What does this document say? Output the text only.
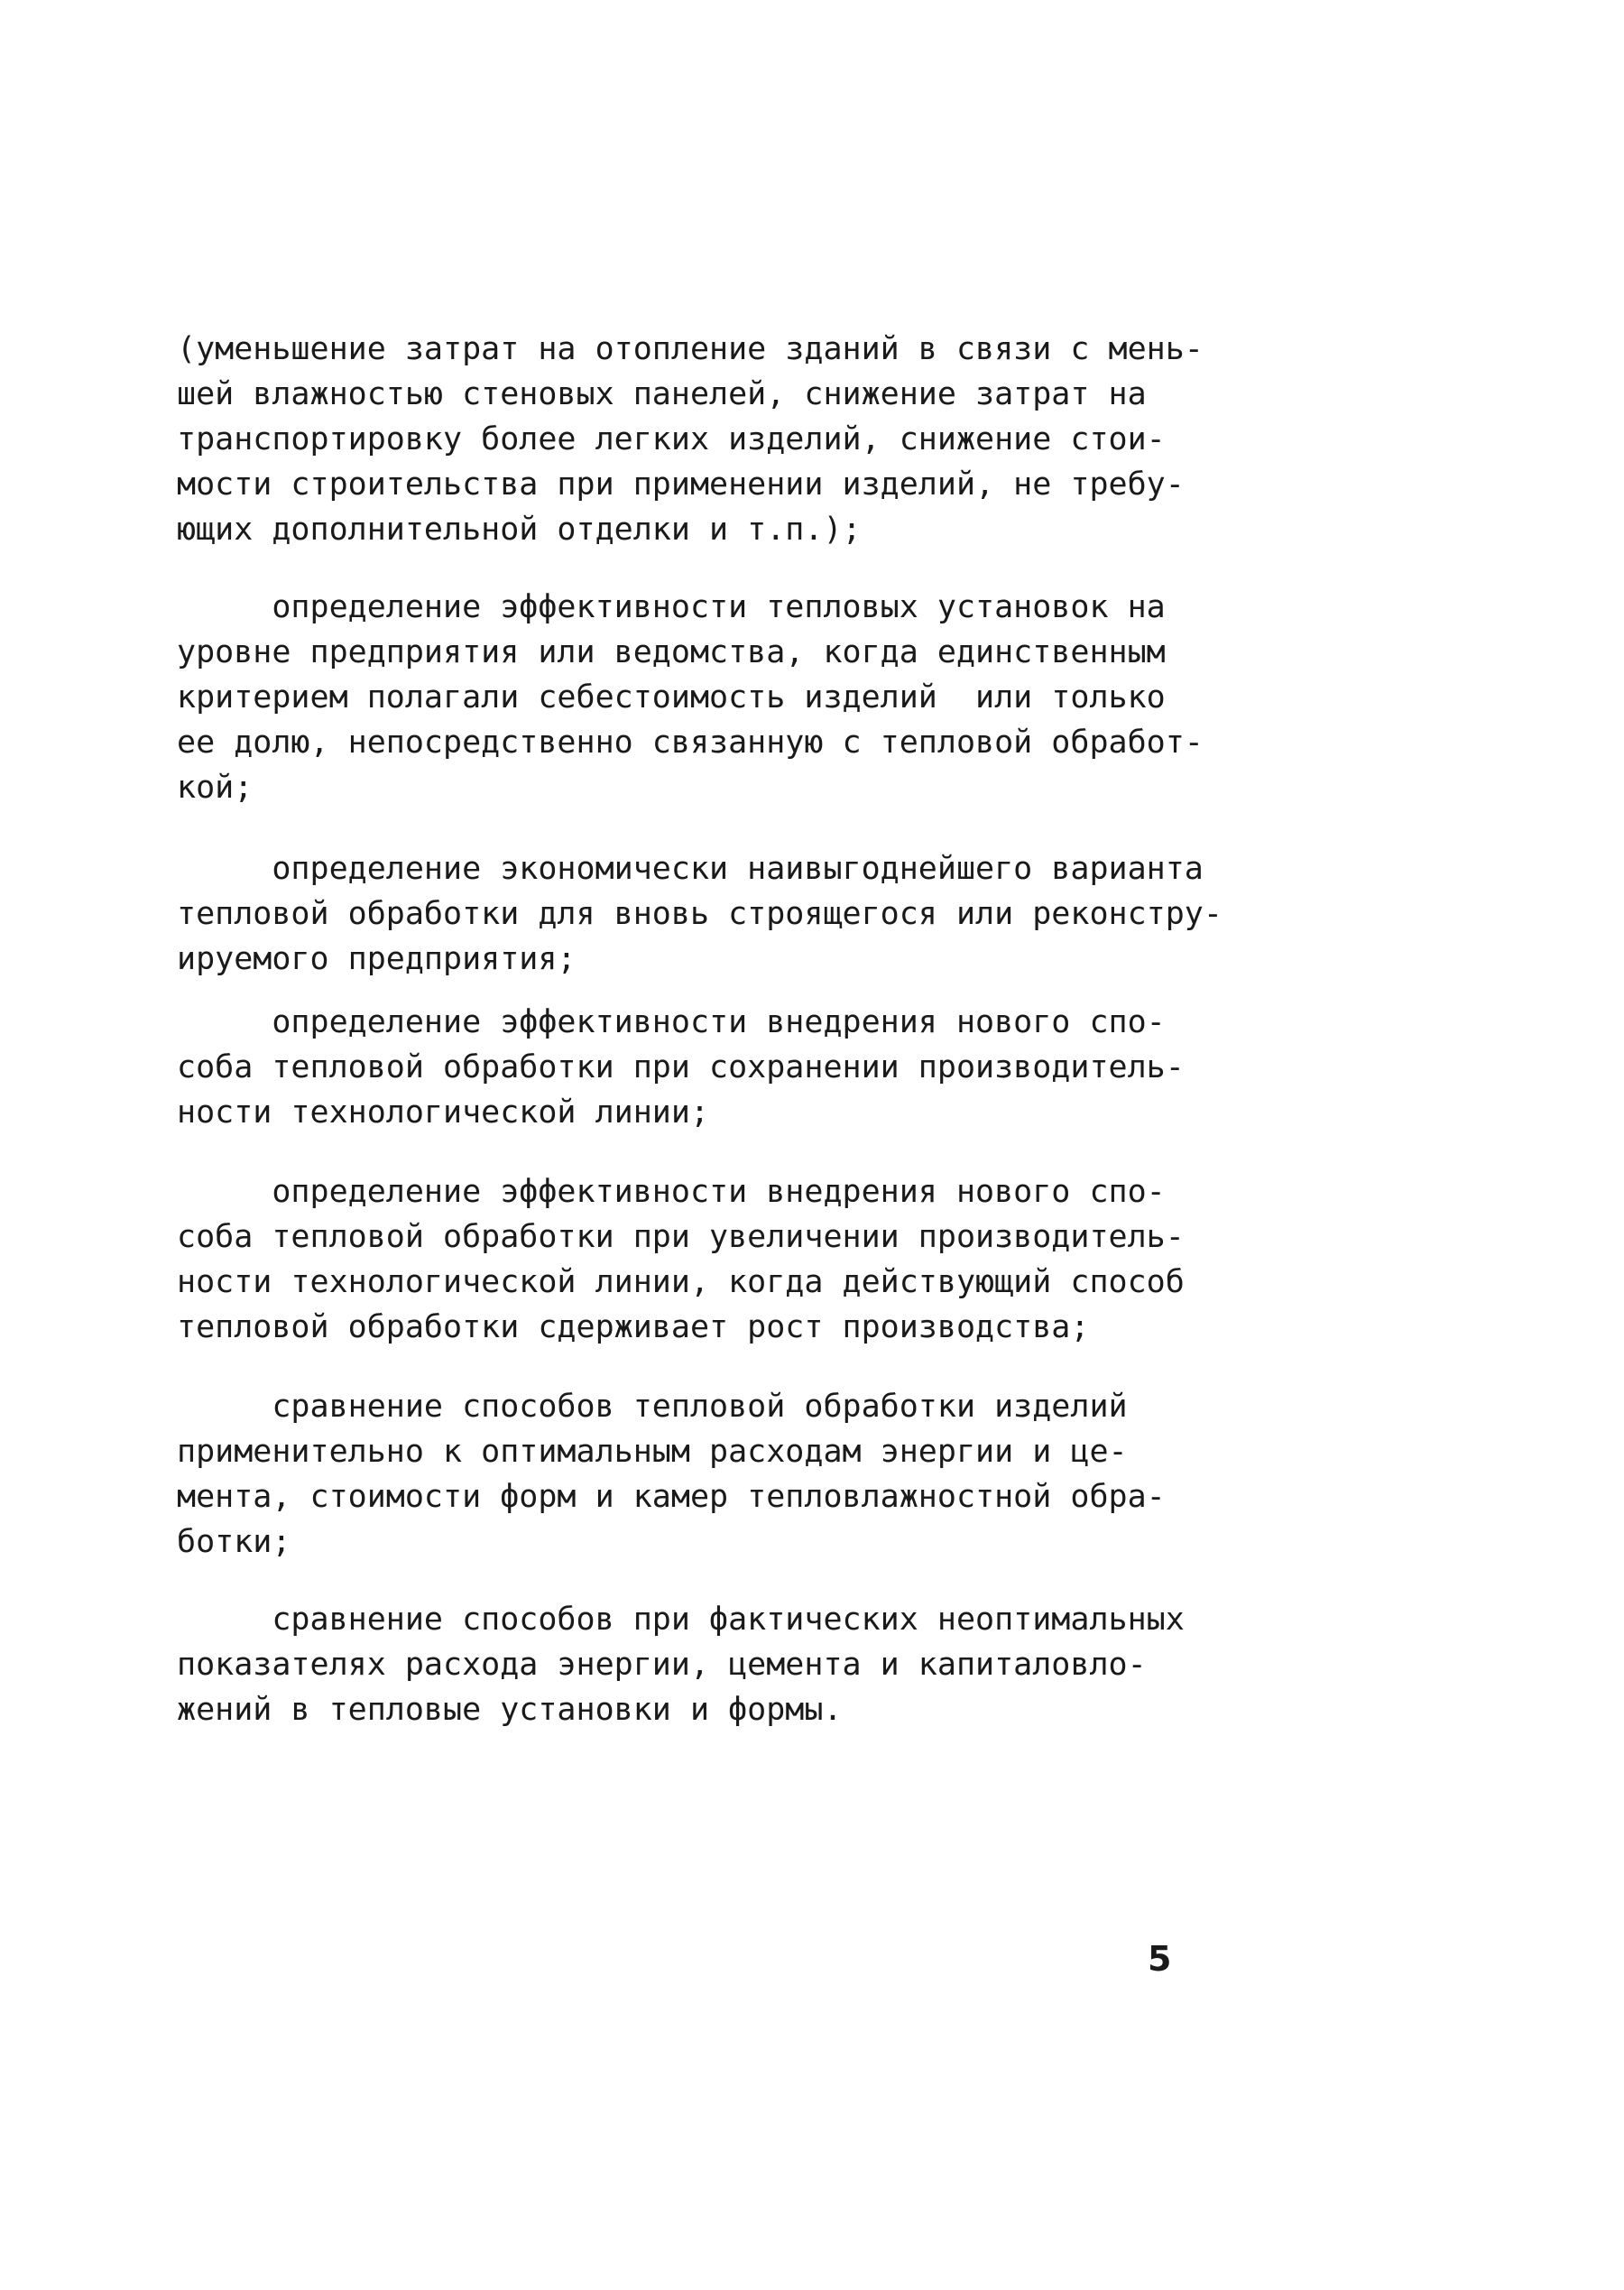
(уменьшение затрат на отопление зданий в связи с мень-
шей влажностью стеновых панелей, снижение затрат на
транспортировку более легких изделий, снижение стои-
мости строительства при применении изделий, не требу-
ющих дополнительной отделки и т.п.);

определение эффективности тепловых установок на
уровне предприятия или ведомства, когда единственным
критерием полагали себестоимость изделий  или только
ее долю, непосредственно связанную с тепловой обработ-
кой;

определение экономически наивыгоднейшего варианта
тепловой обработки для вновь строящегося или реконстру-
ируемого предприятия;

определение эффективности внедрения нового спо-
соба тепловой обработки при сохранении производитель-
ности технологической линии;

определение эффективности внедрения нового спо-
соба тепловой обработки при увеличении производитель-
ности технологической линии, когда действующий способ
тепловой обработки сдерживает рост производства;

сравнение способов тепловой обработки изделий
применительно к оптимальным расходам энергии и це-
мента, стоимости форм и камер тепловлажностной обра-
ботки;

сравнение способов при фактических неоптимальных
показателях расхода энергии, цемента и капиталовло-
жений в тепловые установки и формы.

5
